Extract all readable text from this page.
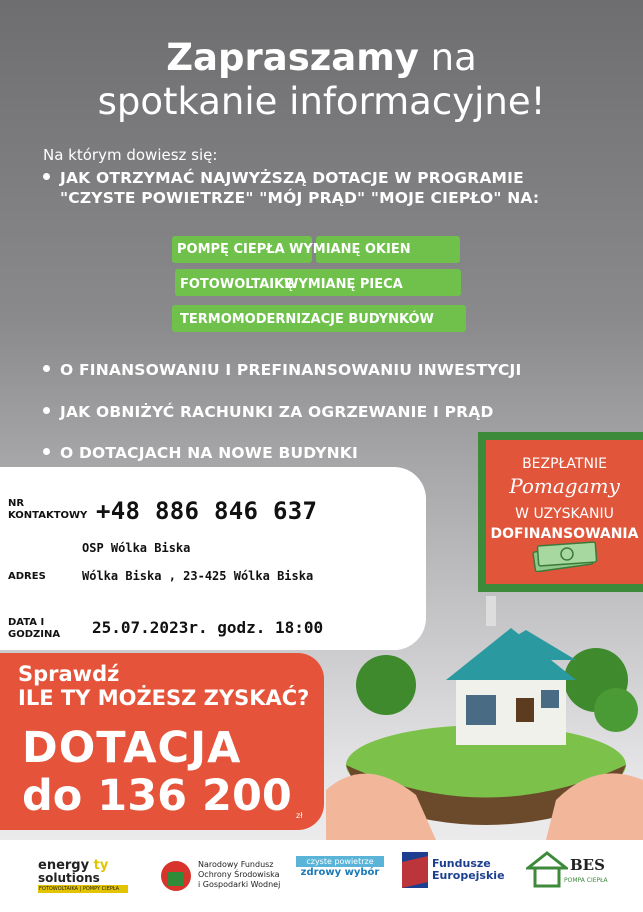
Zapraszamy na
spotkanie informacyjne!
Na którym dowiesz się:
JAK OTRZYMAĆ NAJWYŻSZĄ DOTACJE W PROGRAMIE
"CZYSTE POWIETRZE" "MÓJ PRĄD" "MOJE CIEPŁO" NA:
POMPĘ CIEPŁA WYMIANĘ OKIEN
FOTOWOLTAIKĘ
WYMIANĘ PIECA
TERMOMODERNIZACJE BUDYNKÓW
O FINANSOWANIU I PREFINANSOWANIU INWESTYCJI
JAK OBNIŻYĆ RACHUNKI ZA OGRZEWANIE I PRĄD
O DOTACJACH NA NOWE BUDYNKI
BEZPŁATNIE
Pomagamy
W UZYSKANIU
DOFINANSOWANIA
NR
KONTAKTOWY
ADRES
DATA I
GODZINA
+48 886 846 637
OSP Wólka Biska
Wólka Biska , 23-425 Wólka Biska
25.07.2023r. godz. 18:00
Sprawdź
ILE TY MOŻESZ ZYSKAĆ?
DOTACJA
do 136 200 zł
energy ty
solutions
FOTOWOLTAIKA | POMPY CIEPŁA
Narodowy Fundusz
Ochrony Środowiska
i Gospodarki Wodnej
czyste powietrze
zdrowy wybór
Fundusze
Europejskie
BES
POMPA CIEPŁA
